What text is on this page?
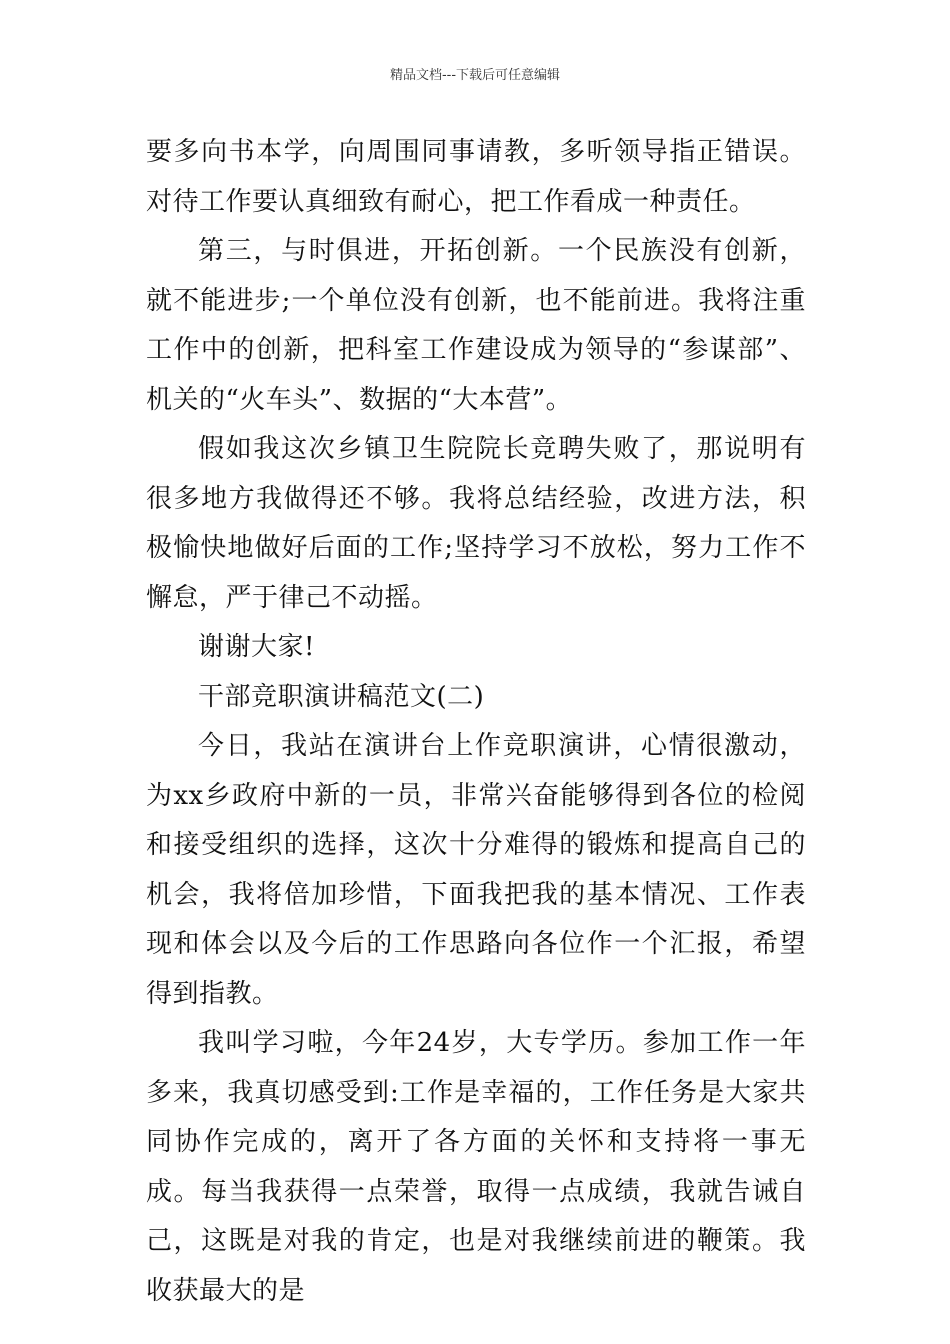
精品文档---下载后可任意编辑

要多向书本学，向周围同事请教，多听领导指正错误。对待工作要认真细致有耐心，把工作看成一种责任。

第三，与时俱进，开拓创新。一个民族没有创新，就不能进步;一个单位没有创新，也不能前进。我将注重工作中的创新，把科室工作建设成为领导的“参谋部”、机关的“火车头”、数据的“大本营”。

假如我这次乡镇卫生院院长竞聘失败了，那说明有很多地方我做得还不够。我将总结经验，改进方法，积极愉快地做好后面的工作;坚持学习不放松，努力工作不懈怠，严于律己不动摇。

谢谢大家!

干部竞职演讲稿范文(二)

今日，我站在演讲台上作竞职演讲，心情很激动，为xx乡政府中新的一员，非常兴奋能够得到各位的检阅和接受组织的选择，这次十分难得的锻炼和提高自己的机会，我将倍加珍惜，下面我把我的基本情况、工作表现和体会以及今后的工作思路向各位作一个汇报，希望得到指教。

我叫学习啦，今年24岁，大专学历。参加工作一年多来，我真切感受到:工作是幸福的，工作任务是大家共同协作完成的，离开了各方面的关怀和支持将一事无成。每当我获得一点荣誉，取得一点成绩，我就告诫自己，这既是对我的肯定，也是对我继续前进的鞭策。我收获最大的是
